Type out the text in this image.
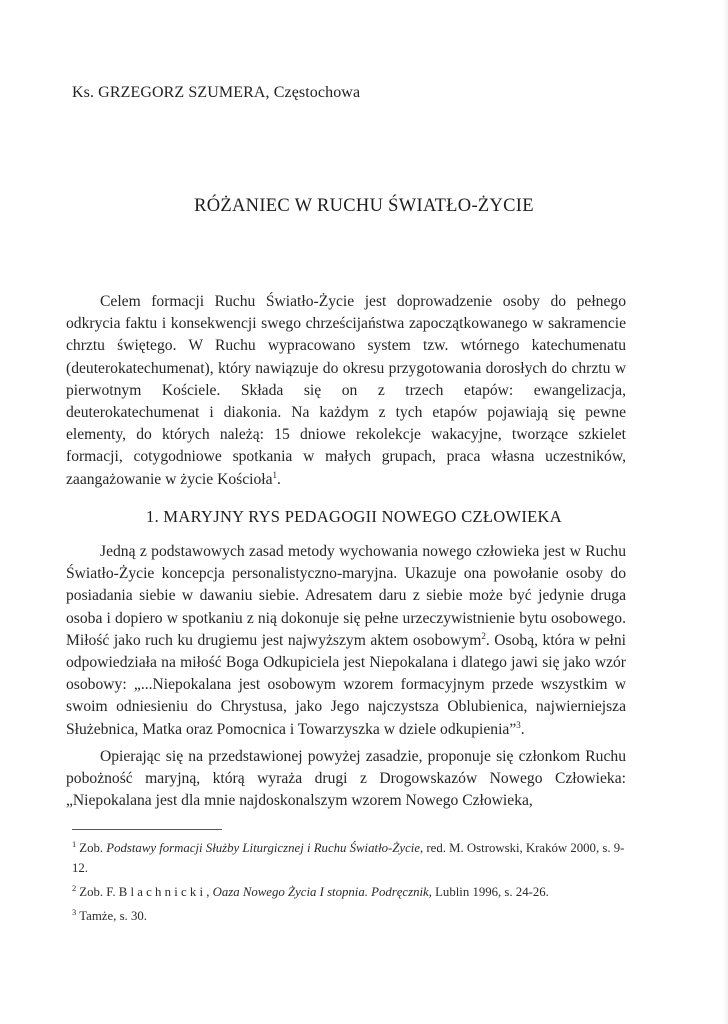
Ks. GRZEGORZ SZUMERA, Częstochowa
RÓŻANIEC W RUCHU ŚWIATŁO-ŻYCIE

Celem formacji Ruchu Światło-Życie jest doprowadzenie osoby do pełnego odkrycia faktu i konsekwencji swego chrześcijaństwa zapoczątkowanego w sakramencie chrztu świętego. W Ruchu wypracowano system tzw. wtórnego katechumenatu (deuterokatechumenat), który nawiązuje do okresu przygotowania dorosłych do chrztu w pierwotnym Kościele. Składa się on z trzech etapów: ewangelizacja, deuterokatechumenat i diakonia. Na każdym z tych etapów pojawiają się pewne elementy, do których należą: 15 dniowe rekolekcje wakacyjne, tworzące szkielet formacji, cotygodniowe spotkania w małych grupach, praca własna uczestników, zaangażowanie w życie Kościoła$^1$.

1. MARYJNY RYS PEDAGOGII NOWEGO CZŁOWIEKA

Jedną z podstawowych zasad metody wychowania nowego człowieka jest w Ruchu Światło-Życie koncepcja personalistyczno-maryjna. Ukazuje ona powołanie osoby do posiadania siebie w dawaniu siebie. Adresatem daru z siebie może być jedynie druga osoba i dopiero w spotkaniu z nią dokonuje się pełne urzeczywistnienie bytu osobowego. Miłość jako ruch ku drugiemu jest najwyższym aktem osobowym$^2$. Osobą, która w pełni odpowiedziała na miłość Boga Odkupiciela jest Niepokalana i dlatego jawi się jako wzór osobowy: „...Niepokalana jest osobowym wzorem formacyjnym przede wszystkim w swoim odniesieniu do Chrystusa, jako Jego najczystsza Oblubienica, najwierniejsza Służebnica, Matka oraz Pomocnica i Towarzyszka w dziele odkupienia”$^3$.

Opierając się na przedstawionej powyżej zasadzie, proponuje się członkom Ruchu pobożność maryjną, którą wyraża drugi z Drogowskazów Nowego Człowieka: „Niepokalana jest dla mnie najdoskonalszym wzorem Nowego Człowieka,

$^1$ Zob. Podstawy formacji Służby Liturgicznej i Ruchu Światło-Życie, red. M. Ostrowski, Kraków 2000, s. 9-12.

$^2$ Zob. F. Blachnicki, Oaza Nowego Życia I stopnia. Podręcznik, Lublin 1996, s. 24-26.

$^3$ Tamże, s. 30.
